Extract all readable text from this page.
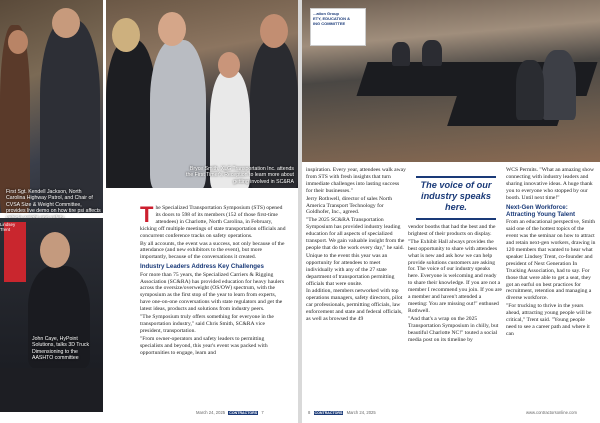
First Sgt. Kendell Jackson, North Carolina Highway Patrol, and Chair of CVSA Size & Weight Committee, provides live demo on how tire psi affects
Bryce Smith, XLG Transportation Inc. attends the First Timer's Reception to learn more about getting involved in SC&RA
Lindsey Trent
John Caye, HyPoint Solutions, talks 3D Truck Dimensioning to the AASHTO committee
T he Specialized Transportation Symposium (STS) opened its doors to 598 of its members (152 of those first-time attendees) in Charlotte, North Carolina, in February, kicking off multiple meetings of state transportation officials and concurrent conference tracks on safety operations.

By all accounts, the event was a success, not only because of the attendance (and new exhibitors to the event), but more importantly, because of the conversations it created.

Industry Leaders Address Key Challenges

For more than 75 years, the Specialized Carriers & Rigging Association (SC&RA) has provided education for heavy haulers across the oversize/overweight (OS/OW) spectrum, with the symposium as the first stop of the year to learn from experts, have one-on-one conversations with state regulators and get the latest ideas, products and solutions from industry peers.

"The Symposium truly offers something for everyone in the transportation industry," said Chris Smith, SC&RA vice president, transportation.

"From owner-operators and safety leaders to permitting specialists and beyond, this year's event was packed with opportunities to engage, learn and

March 24, 2025 CONTRACTORS 7
...ation Group
ETY, EDUCATION &
ING COMMITTEE

inspiration. Every year, attendees walk away from STS with fresh insights that turn immediate challenges into lasting success for their businesses."

Jerry Rothwell, director of sales North America Transport Technology for Goldhofer, Inc., agreed.

"The 2025 SC&RA Transportation Symposium has provided industry leading education for all aspects of specialized transport. We gain valuable insight from the people that do the work every day," he said.

Unique to the event this year was an opportunity for attendees to meet individually with any of the 27 state department of transportation permitting officials that were onsite.

In addition, members networked with top operations managers, safety directors, pilot car professionals, permitting officials, law enforcement and state and federal officials, as well as browsed the 49

The voice of our industry speaks here.

vendor booths that had the best and the brightest of their products on display.

"The Exhibit Hall always provides the best opportunity to share with attendees what is new and ask how we can help provide solutions customers are asking for. The voice of our industry speaks here. Everyone is welcoming and ready to share their knowledge. If you are not a member I recommend you join. If you are a member and haven't attended a meeting: You are missing out!" enthused Rothwell.

"And that's a wrap on the 2025 Transportation Symposium in chilly, but beautiful Charlotte NC!" touted a social media post on its timeline by

WCS Permits. "What an amazing show connecting with industry leaders and sharing innovative ideas. A huge thank you to everyone who stopped by our booth. Until next time!"

Next-Gen Workforce: Attracting Young Talent

From an educational perspective, Smith said one of the hottest topics of the event was the seminar on how to attract and retain next-gen workers, drawing in 120 members that wanted to hear what speaker Lindsey Trent, co-founder and president of Next Generation In Trucking Association, had to say. For those that were able to get a seat, they got an earful on best practices for recruitment, retention and managing a diverse workforce.

"For trucking to thrive in the years ahead, attracting young people will be critical," Trent said. "Young people need to see a career path and where it can

8 CONTRACTORS March 24, 2025	www.contractorsonline.com
